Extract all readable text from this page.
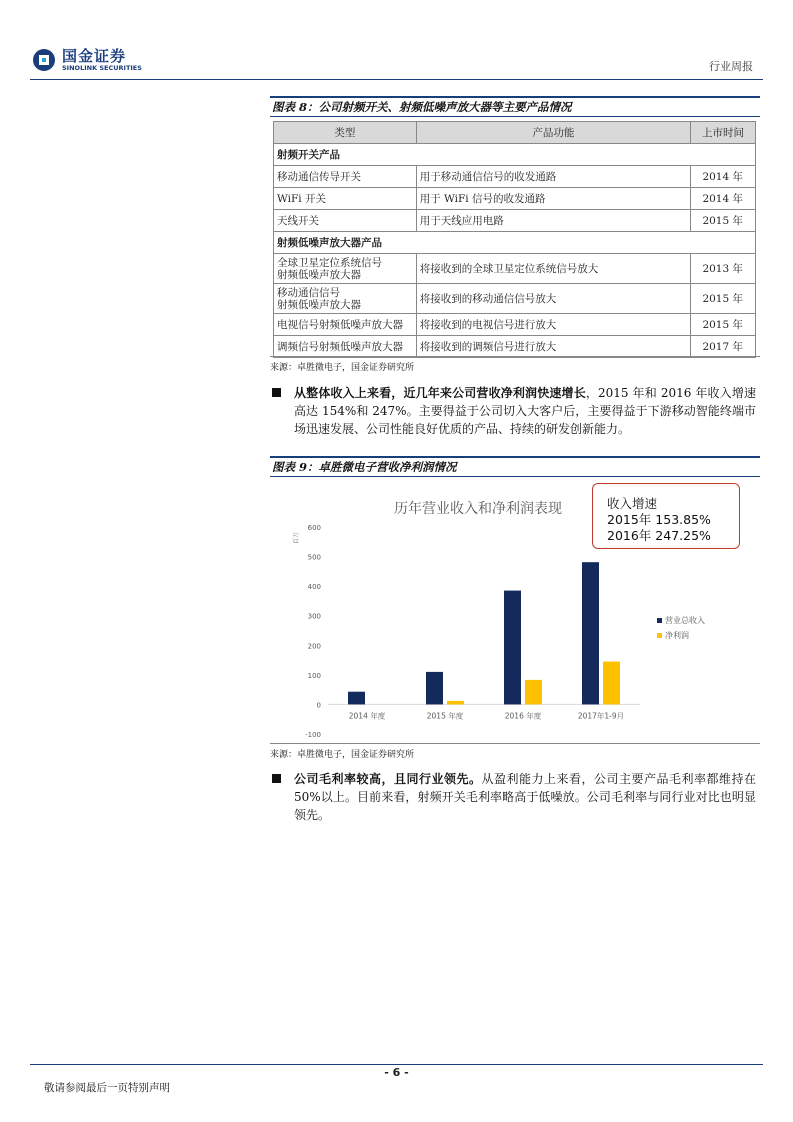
国金证券
SINOLINK SECURITIES	行业周报
图表 8：公司射频开关、射频低噪声放大器等主要产品情况
类型	产品功能	上市时间
射频开关产品		
移动通信传导开关	用于移动通信信号的收发通路	2014 年
WiFi 开关	用于 WiFi 信号的收发通路	2014 年
天线开关	用于天线应用电路	2015 年
射频低噪声放大器产品		
全球卫星定位系统信号
射频低噪声放大器	将接收到的全球卫星定位系统信号放大	2013 年
移动通信信号
射频低噪声放大器	将接收到的移动通信信号放大	2015 年
电视信号射频低噪声放大器	将接收到的电视信号进行放大	2015 年
调频信号射频低噪声放大器	将接收到的调频信号进行放大	2017 年
来源：卓胜微电子，国金证券研究所
从整体收入上来看，近几年来公司营收净利润快速增长，2015 年和 2016 年收入增速高达 154%和 247%。主要得益于公司切入大客户后，主要得益于下游移动智能终端市场迅速发展、公司性能良好优质的产品、持续的研发创新能力。
图表 9：卓胜微电子营收净利润情况
历年营业收入和净利润表现
百万
-100
0
100
200
300
400
500
600
2014 年度	2015 年度	2016 年度	2017年1-9月
营业总收入
净利润
收入增速
2015年 153.85%
2016年 247.25%
来源：卓胜微电子，国金证券研究所
公司毛利率较高，且同行业领先。从盈利能力上来看，公司主要产品毛利率都维持在 50%以上。目前来看，射频开关毛利率略高于低噪放。公司毛利率与同行业对比也明显领先。
- 6 -
敬请参阅最后一页特别声明
